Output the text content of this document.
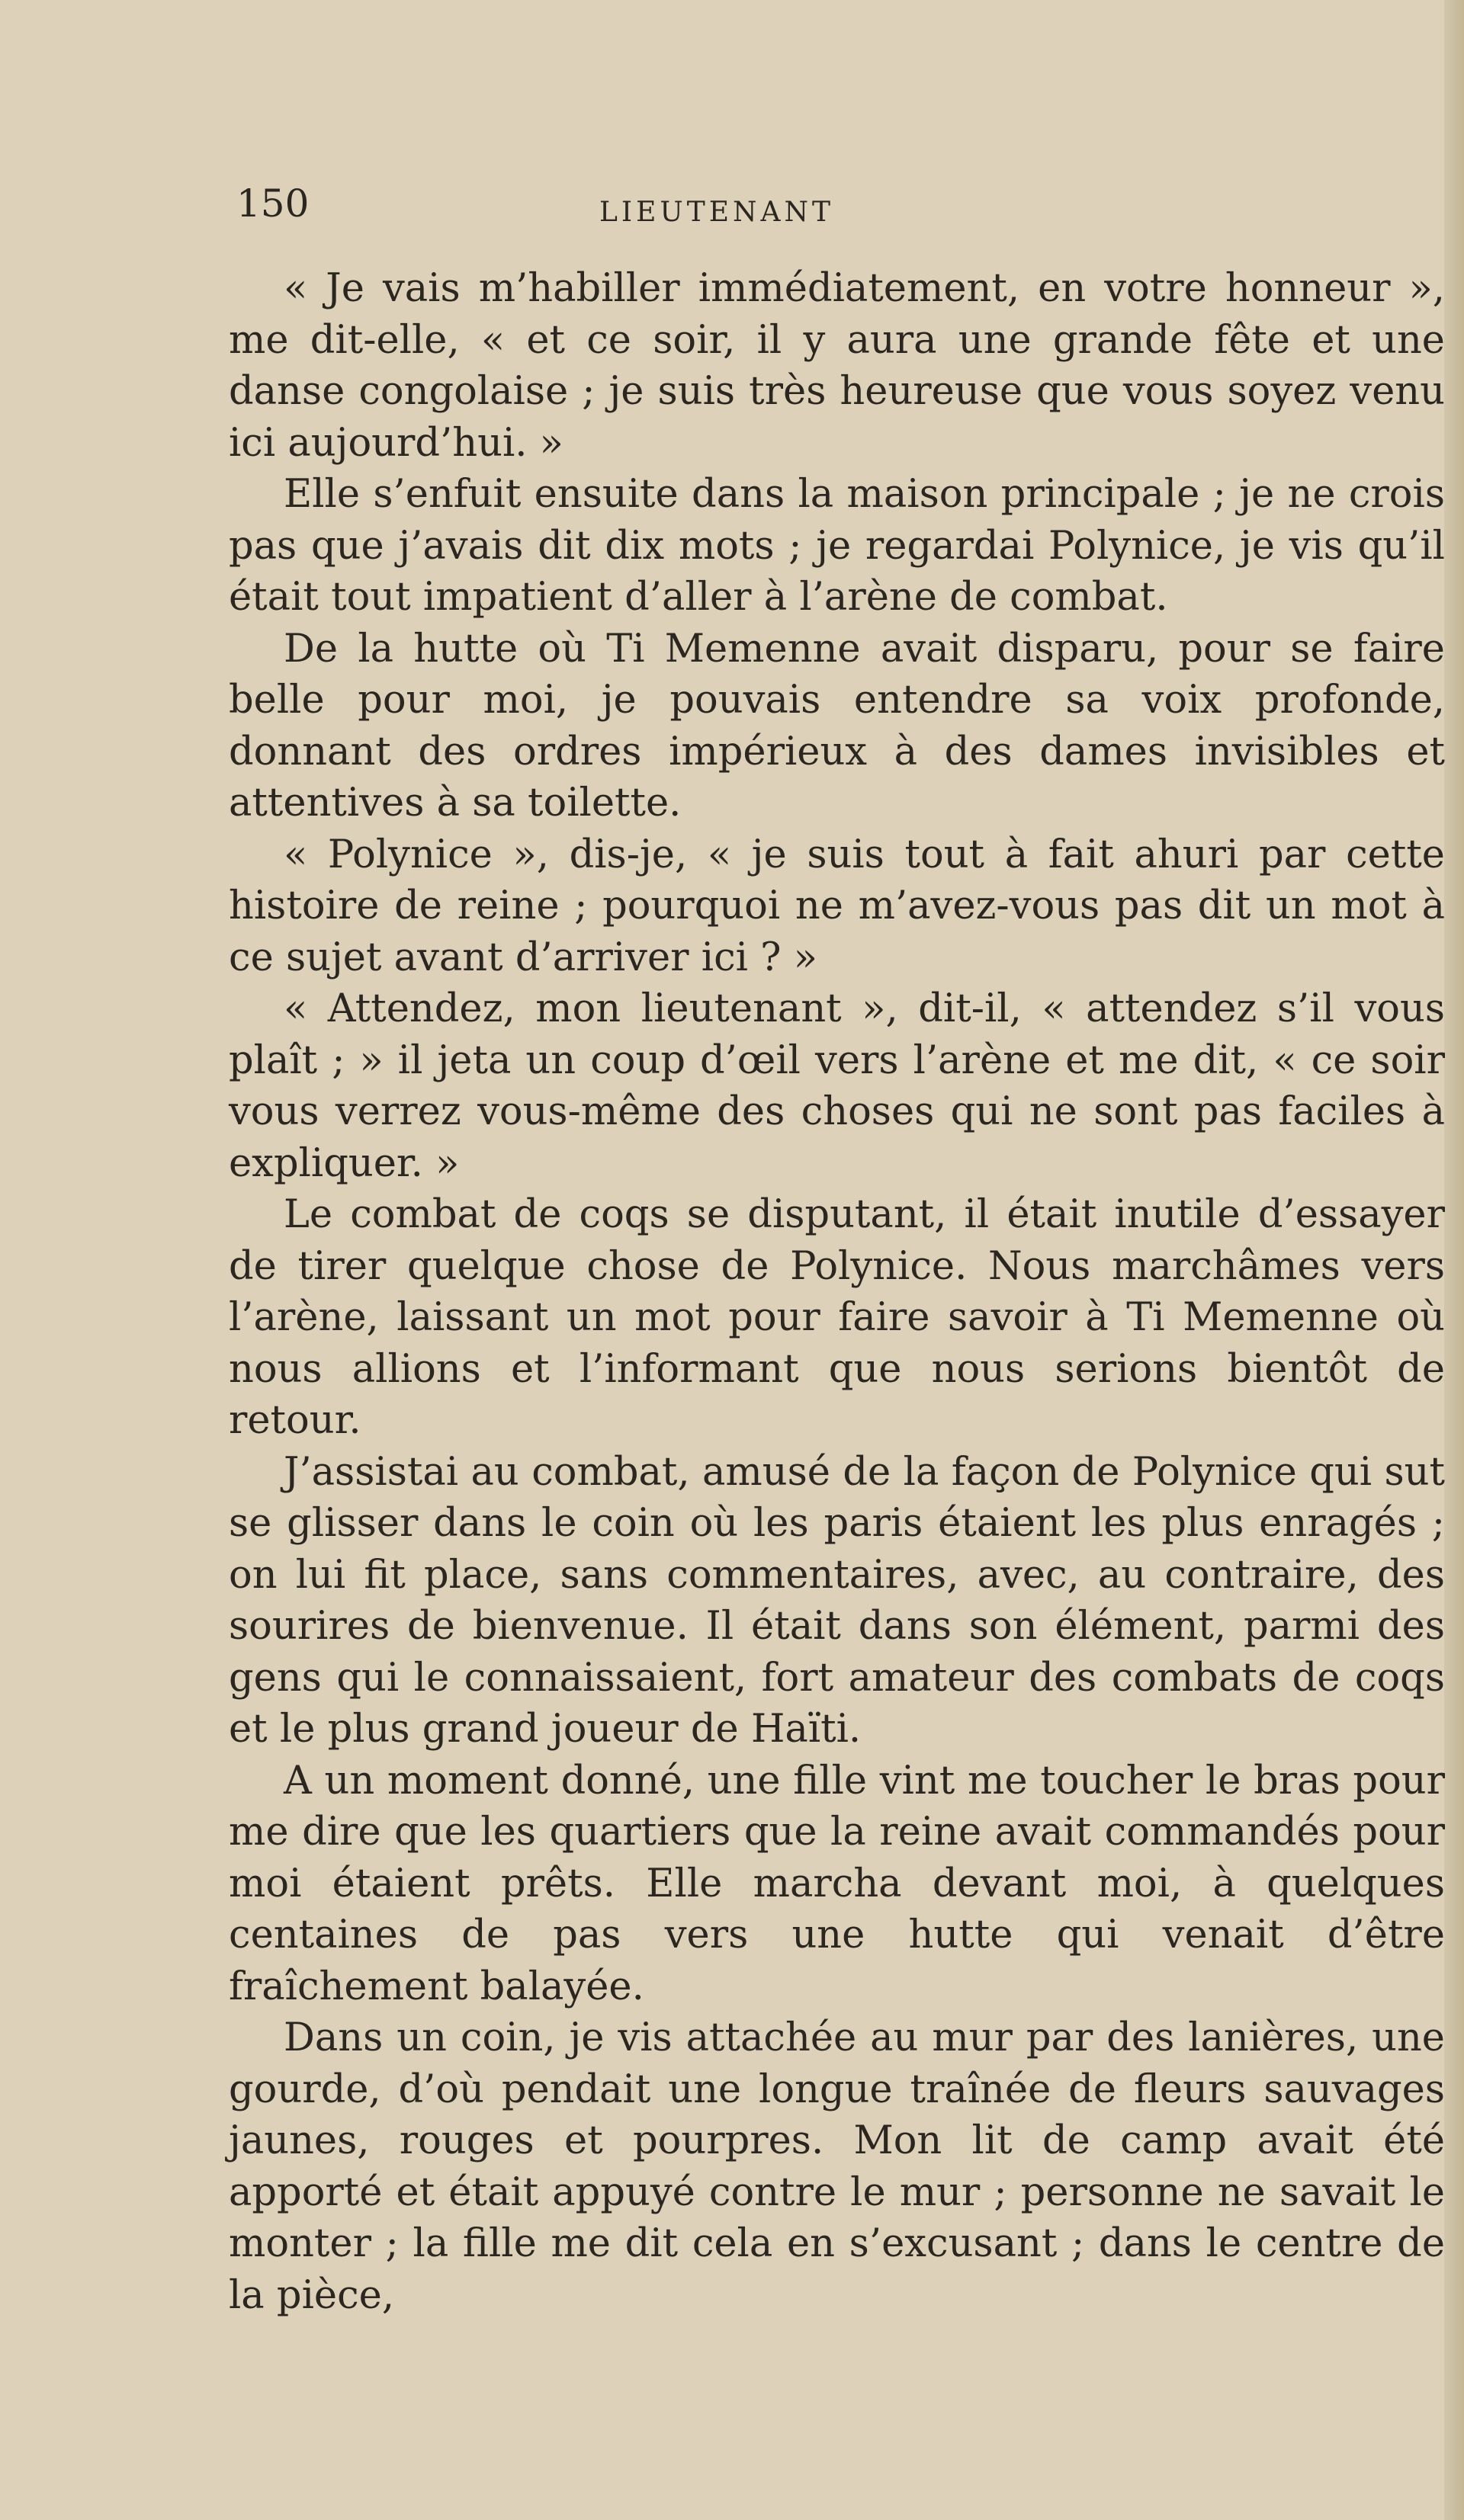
150	LIEUTENANT

« Je vais m’habiller immédiatement, en votre honneur », me dit-elle, « et ce soir, il y aura une grande fête et une danse congolaise ; je suis très heureuse que vous soyez venu ici aujourd’hui. »

Elle s’enfuit ensuite dans la maison principale ; je ne crois pas que j’avais dit dix mots ; je regardai Polynice, je vis qu’il était tout impatient d’aller à l’arène de combat.

De la hutte où Ti Memenne avait disparu, pour se faire belle pour moi, je pouvais entendre sa voix profonde, donnant des ordres impérieux à des dames invisibles et attentives à sa toilette.

« Polynice », dis-je, « je suis tout à fait ahuri par cette histoire de reine ; pourquoi ne m’avez-vous pas dit un mot à ce sujet avant d’arriver ici ? »

« Attendez, mon lieutenant », dit-il, « attendez s’il vous plaît ; » il jeta un coup d’œil vers l’arène et me dit, « ce soir vous verrez vous-même des choses qui ne sont pas faciles à expliquer. »

Le combat de coqs se disputant, il était inutile d’essayer de tirer quelque chose de Polynice. Nous marchâmes vers l’arène, laissant un mot pour faire savoir à Ti Memenne où nous allions et l’informant que nous serions bientôt de retour.

J’assistai au combat, amusé de la façon de Polynice qui sut se glisser dans le coin où les paris étaient les plus enragés ; on lui fit place, sans commentaires, avec, au contraire, des sourires de bienvenue. Il était dans son élément, parmi des gens qui le connaissaient, fort amateur des combats de coqs et le plus grand joueur de Haïti.

A un moment donné, une fille vint me toucher le bras pour me dire que les quartiers que la reine avait commandés pour moi étaient prêts. Elle marcha devant moi, à quelques centaines de pas vers une hutte qui venait d’être fraîchement balayée.

Dans un coin, je vis attachée au mur par des lanières, une gourde, d’où pendait une longue traînée de fleurs sauvages jaunes, rouges et pourpres. Mon lit de camp avait été apporté et était appuyé contre le mur ; personne ne savait le monter ; la fille me dit cela en s’excusant ; dans le centre de la pièce,
